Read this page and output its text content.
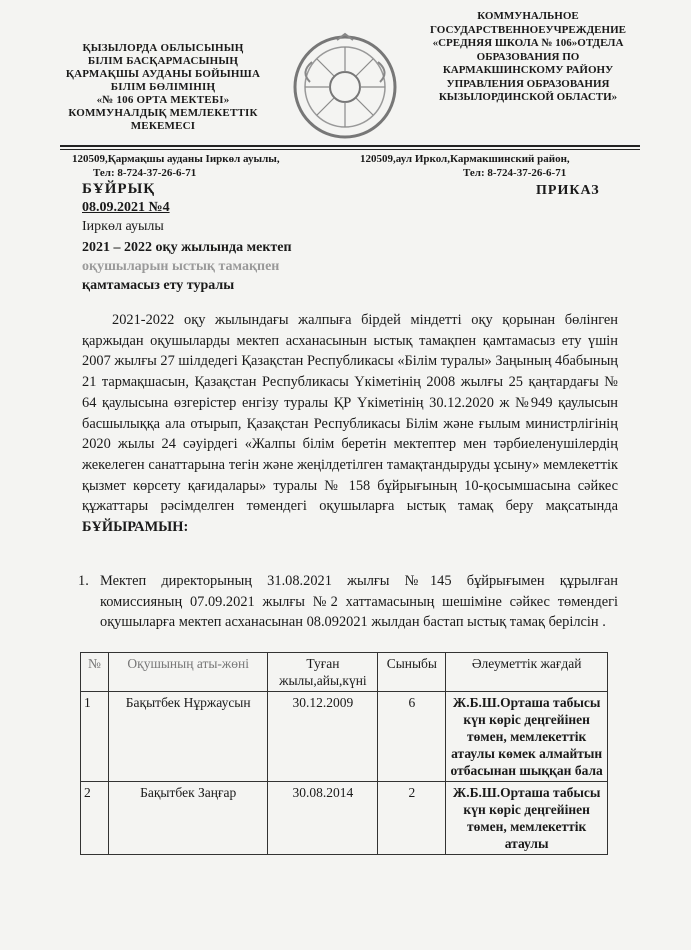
ҚЫЗЫЛОРДА ОБЛЫСЫНЫҢ
БІЛІМ БАСҚАРМАСЫНЫҢ
ҚАРМАҚШЫ АУДАНЫ БОЙЫНША
БІЛІМ БӨЛІМІНІҢ
«№ 106 ОРТА МЕКТЕБІ»
КОММУНАЛДЫҚ МЕМЛЕКЕТТІК
МЕКЕМЕСІ
КОММУНАЛЬНОЕ
ГОСУДАРСТВЕННОЕУЧРЕЖДЕНИЕ
«СРЕДНЯЯ ШКОЛА № 106»ОТДЕЛА
ОБРАЗОВАНИЯ ПО
КАРМАКШИНСКОМУ РАЙОНУ
УПРАВЛЕНИЯ ОБРАЗОВАНИЯ
КЫЗЫЛОРДИНСКОЙ ОБЛАСТИ»
120509,Қармақшы ауданы Іиркөл ауылы,
Тел: 8-724-37-26-6-71
120509,аул Иркол,Кармакшинский район,
Тел: 8-724-37-26-6-71
БҰЙРЫҚ	ПРИКАЗ
08.09.2021 №4
Іиркөл ауылы
2021 – 2022 оқу жылында мектеп
оқушыларын ыстық тамақпен
қамтамасыз ету туралы

2021-2022 оқу жылындағы жалпыға бірдей міндетті оқу қорынан бөлінген қаржыдан оқушыларды мектеп асханасынын ыстық тамақпен қамтамасыз ету үшін 2007 жылғы 27 шілдедегі Қазақстан Республикасы «Білім туралы» Заңының 4бабының 21 тармақшасын, Қазақстан Республикасы Үкіметінің 2008 жылғы 25 қаңтардағы № 64 қаулысына өзгерістер енгізу туралы ҚР Үкіметінің 30.12.2020 ж №949 қаулысын басшылыққа ала отырып, Қазақстан Республикасы Білім және ғылым министрлігінің 2020 жылы 24 сәуірдегі «Жалпы білім беретін мектептер мен тәрбиеленушілердің жекелеген санаттарына тегін және жеңілдетілген тамақтандыруды ұсыну» мемлекеттік қызмет көрсету қағидалары» туралы № 158 бұйрығының 10-қосымшасына сәйкес құжаттары рәсімделген төмендегі оқушыларға ыстық тамақ беру мақсатында БҰЙЫРАМЫН:

1. Мектеп директорының 31.08.2021 жылғы №145 бұйрығымен құрылған комиссияның 07.09.2021 жылғы №2 хаттамасының шешіміне сәйкес төмендегі оқушыларға мектеп асханасынан 08.092021 жылдан бастап ыстық тамақ берілсін .
№	Оқушының аты-жөні	Туған жылы,айы,күні	Сыныбы	Әлеуметтік жағдай
1	Бақытбек Нұржаусын	30.12.2009	6	Ж.Б.Ш.Орташа табысы күн көріс деңгейінен төмен, мемлекеттік атаулы көмек алмайтын отбасынан шыққан бала
2	Бақытбек Заңғар	30.08.2014	2	Ж.Б.Ш.Орташа табысы күн көріс деңгейінен төмен, мемлекеттік атаулы
